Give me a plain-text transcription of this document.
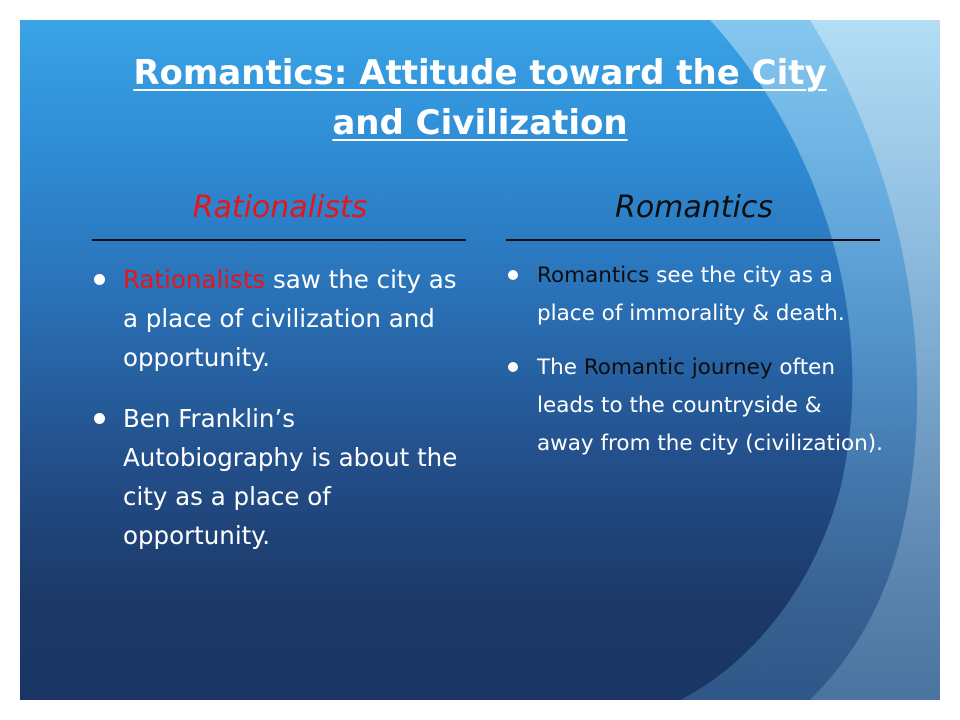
Romantics: Attitude toward the City
and Civilization
Rationalists	Romantics
Rationalists saw the city as a place of civilization and opportunity.
Ben Franklin’s Autobiography is about the city as a place of opportunity.
Romantics see the city as a place of immorality & death.
The Romantic journey often leads to the countryside & away from the city (civilization).
